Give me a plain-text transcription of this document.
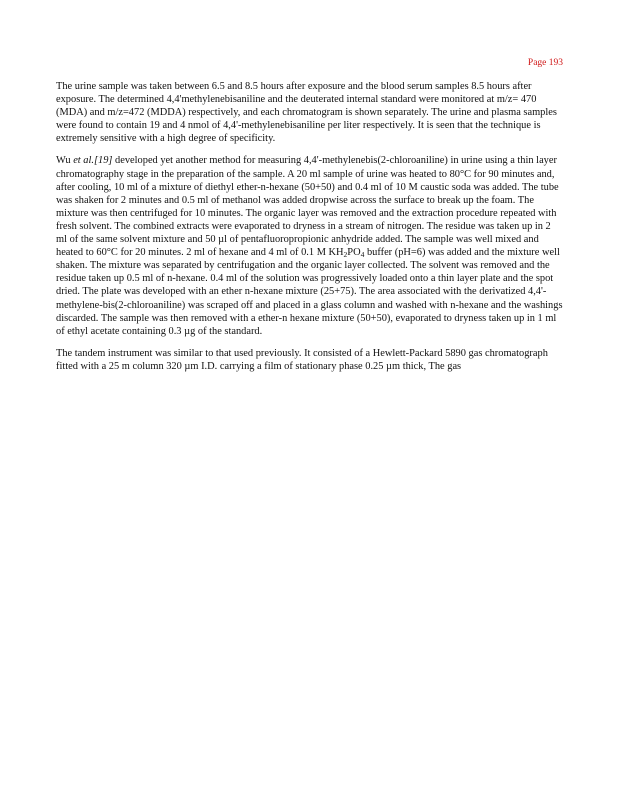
Page 193

The urine sample was taken between 6.5 and 8.5 hours after exposure and the blood serum samples 8.5 hours after exposure. The determined 4,4'methylenebisaniline and the deuterated internal standard were monitored at m/z= 470 (MDA) and m/z=472 (MDDA) respectively, and each chromatogram is shown separately. The urine and plasma samples were found to contain 19 and 4 nmol of 4,4'-methylenebisaniline per liter respectively. It is seen that the technique is extremely sensitive with a high degree of specificity.

Wu et al.[19] developed yet another method for measuring 4,4'-methylenebis(2-chloroaniline) in urine using a thin layer chromatography stage in the preparation of the sample. A 20 ml sample of urine was heated to 80°C for 90 minutes and, after cooling, 10 ml of a mixture of diethyl ether-n-hexane (50+50) and 0.4 ml of 10 M caustic soda was added. The tube was shaken for 2 minutes and 0.5 ml of methanol was added dropwise across the surface to break up the foam. The mixture was then centrifuged for 10 minutes. The organic layer was removed and the extraction procedure repeated with fresh solvent. The combined extracts were evaporated to dryness in a stream of nitrogen. The residue was taken up in 2 ml of the same solvent mixture and 50 µl of pentafluoropropionic anhydride added. The sample was well mixed and heated to 60°C for 20 minutes. 2 ml of hexane and 4 ml of 0.1 M $KH_2PO_4$ buffer (pH=6) was added and the mixture well shaken. The mixture was separated by centrifugation and the organic layer collected. The solvent was removed and the residue taken up 0.5 ml of n-hexane. 0.4 ml of the solution was progressively loaded onto a thin layer plate and the spot dried. The plate was developed with an ether n-hexane mixture (25+75). The area associated with the derivatized 4,4'-methylene-bis(2-chloroaniline) was scraped off and placed in a glass column and washed with n-hexane and the washings discarded. The sample was then removed with a ether-n hexane mixture (50+50), evaporated to dryness taken up in 1 ml of ethyl acetate containing 0.3 µg of the standard.

The tandem instrument was similar to that used previously. It consisted of a Hewlett-Packard 5890 gas chromatograph fitted with a 25 m column 320 µm I.D. carrying a film of stationary phase 0.25 µm thick, The gas
